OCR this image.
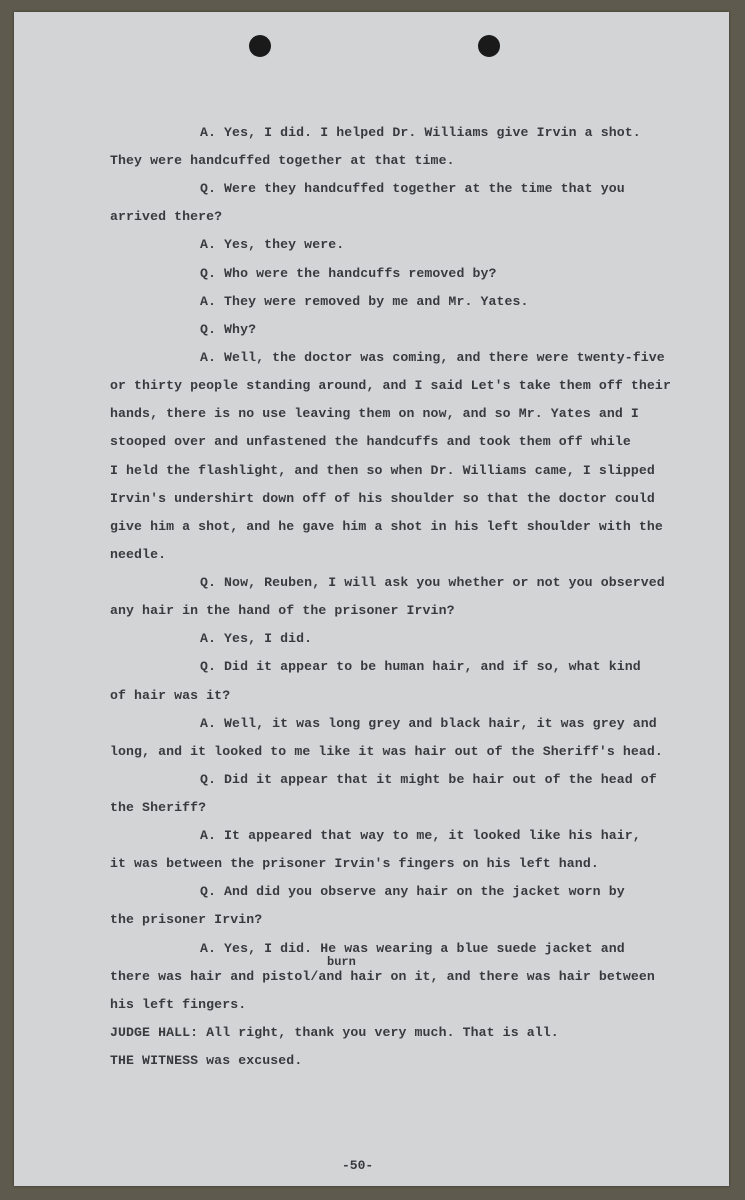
A. Yes, I did. I helped Dr. Williams give Irvin a shot.
They were handcuffed together at that time.
Q. Were they handcuffed together at the time that you
arrived there?
A. Yes, they were.
Q. Who were the handcuffs removed by?
A. They were removed by me and Mr. Yates.
Q. Why?
A. Well, the doctor was coming, and there were twenty-five
or thirty people standing around, and I said Let's take them off their
hands, there is no use leaving them on now, and so Mr. Yates and I
stooped over and unfastened the handcuffs and took them off while
I held the flashlight, and then so when Dr. Williams came, I slipped
Irvin's undershirt down off of his shoulder so that the doctor could
give him a shot, and he gave him a shot in his left shoulder with the
needle.
Q. Now, Reuben, I will ask you whether or not you observed
any hair in the hand of the prisoner Irvin?
A. Yes, I did.
Q. Did it appear to be human hair, and if so, what kind
of hair was it?
A. Well, it was long grey and black hair, it was grey and
long, and it looked to me like it was hair out of the Sheriff's head.
Q. Did it appear that it might be hair out of the head of
the Sheriff?
A. It appeared that way to me, it looked like his hair,
it was between the prisoner Irvin's fingers on his left hand.
Q. And did you observe any hair on the jacket worn by
the prisoner Irvin?
A. Yes, I did. He was wearing a blue suede jacket and
burn
there was hair and pistol/and hair on it, and there was hair between
his left fingers.
JUDGE HALL: All right, thank you very much. That is all.
THE WITNESS was excused.
-50-
